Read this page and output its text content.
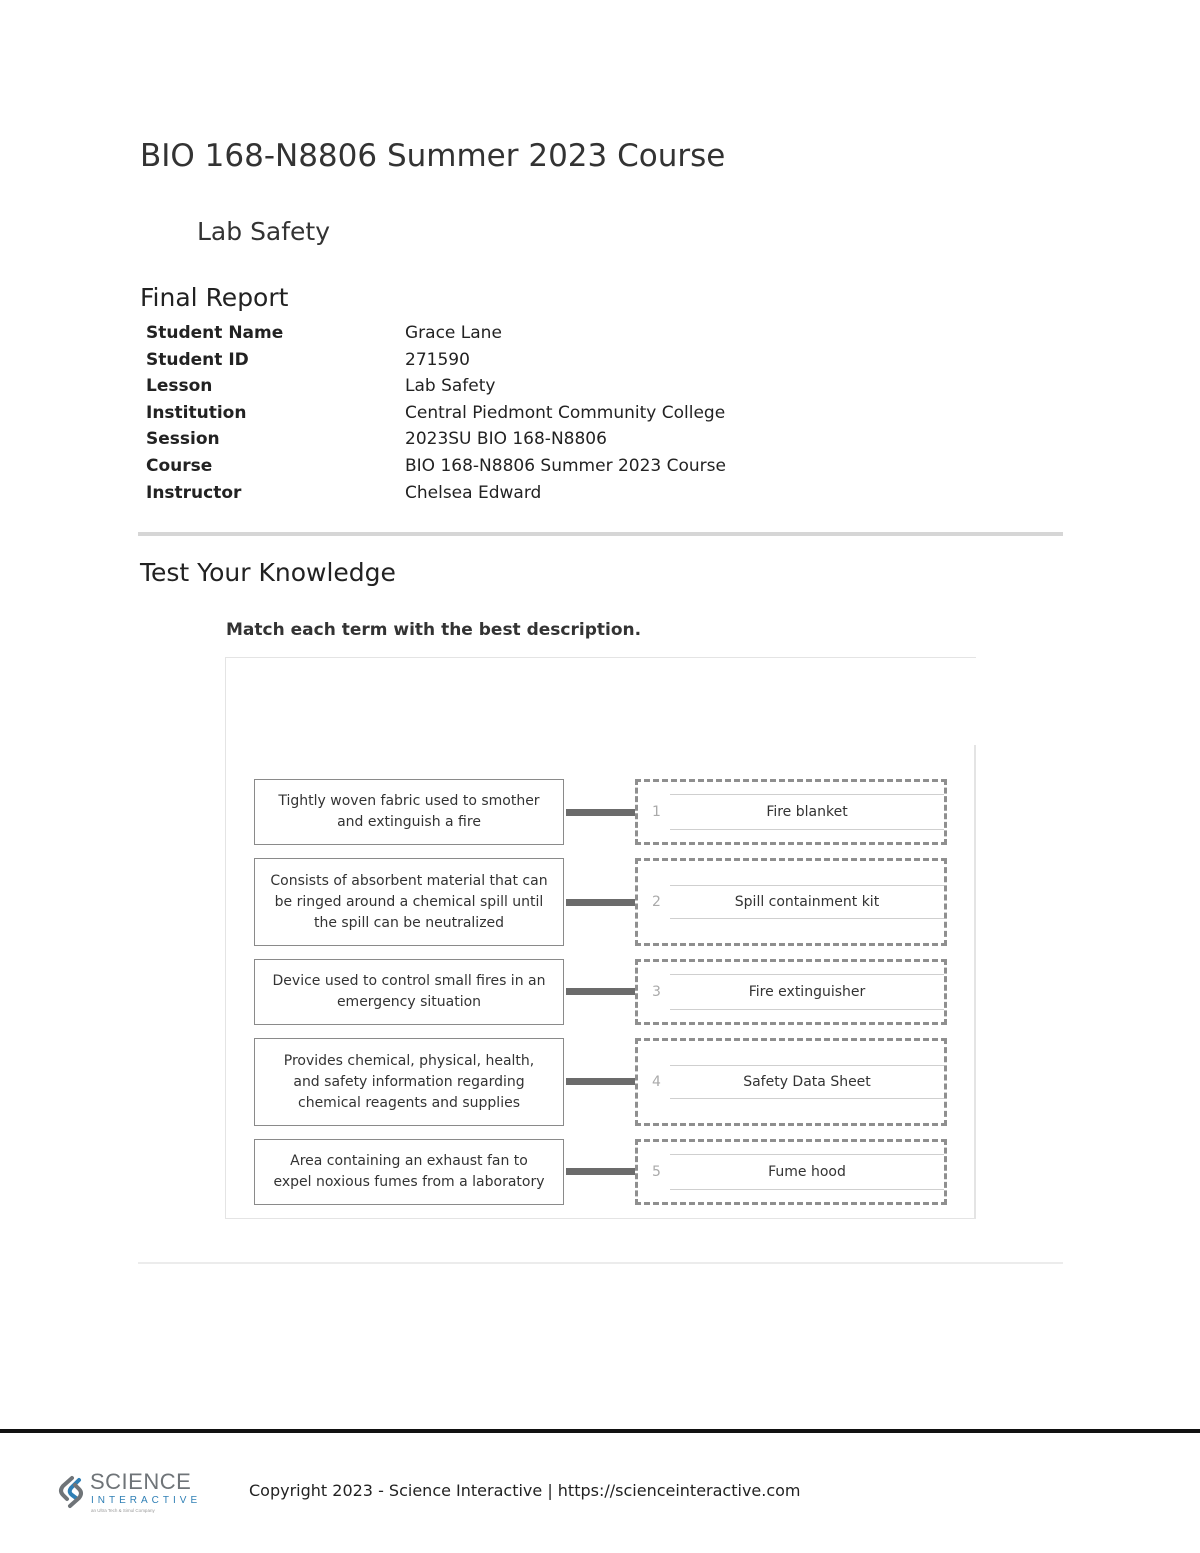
BIO 168-N8806 Summer 2023 Course
Lab Safety
Final Report
Student Name	Grace Lane
Student ID	271590
Lesson	Lab Safety
Institution	Central Piedmont Community College
Session	2023SU BIO 168-N8806
Course	BIO 168-N8806 Summer 2023 Course
Instructor	Chelsea Edward
Test Your Knowledge
Match each term with the best description.
Tightly woven fabric used to smother and extinguish a fire
1	Fire blanket
Consists of absorbent material that can be ringed around a chemical spill until the spill can be neutralized
2	Spill containment kit
Device used to control small fires in an emergency situation
3	Fire extinguisher
Provides chemical, physical, health, and safety information regarding chemical reagents and supplies
4	Safety Data Sheet
Area containing an exhaust fan to expel noxious fumes from a laboratory
5	Fume hood
SCIENCE
INTERACTIVE
an Ultra Tech & Simul Company
Copyright 2023 - Science Interactive | https://scienceinteractive.com
